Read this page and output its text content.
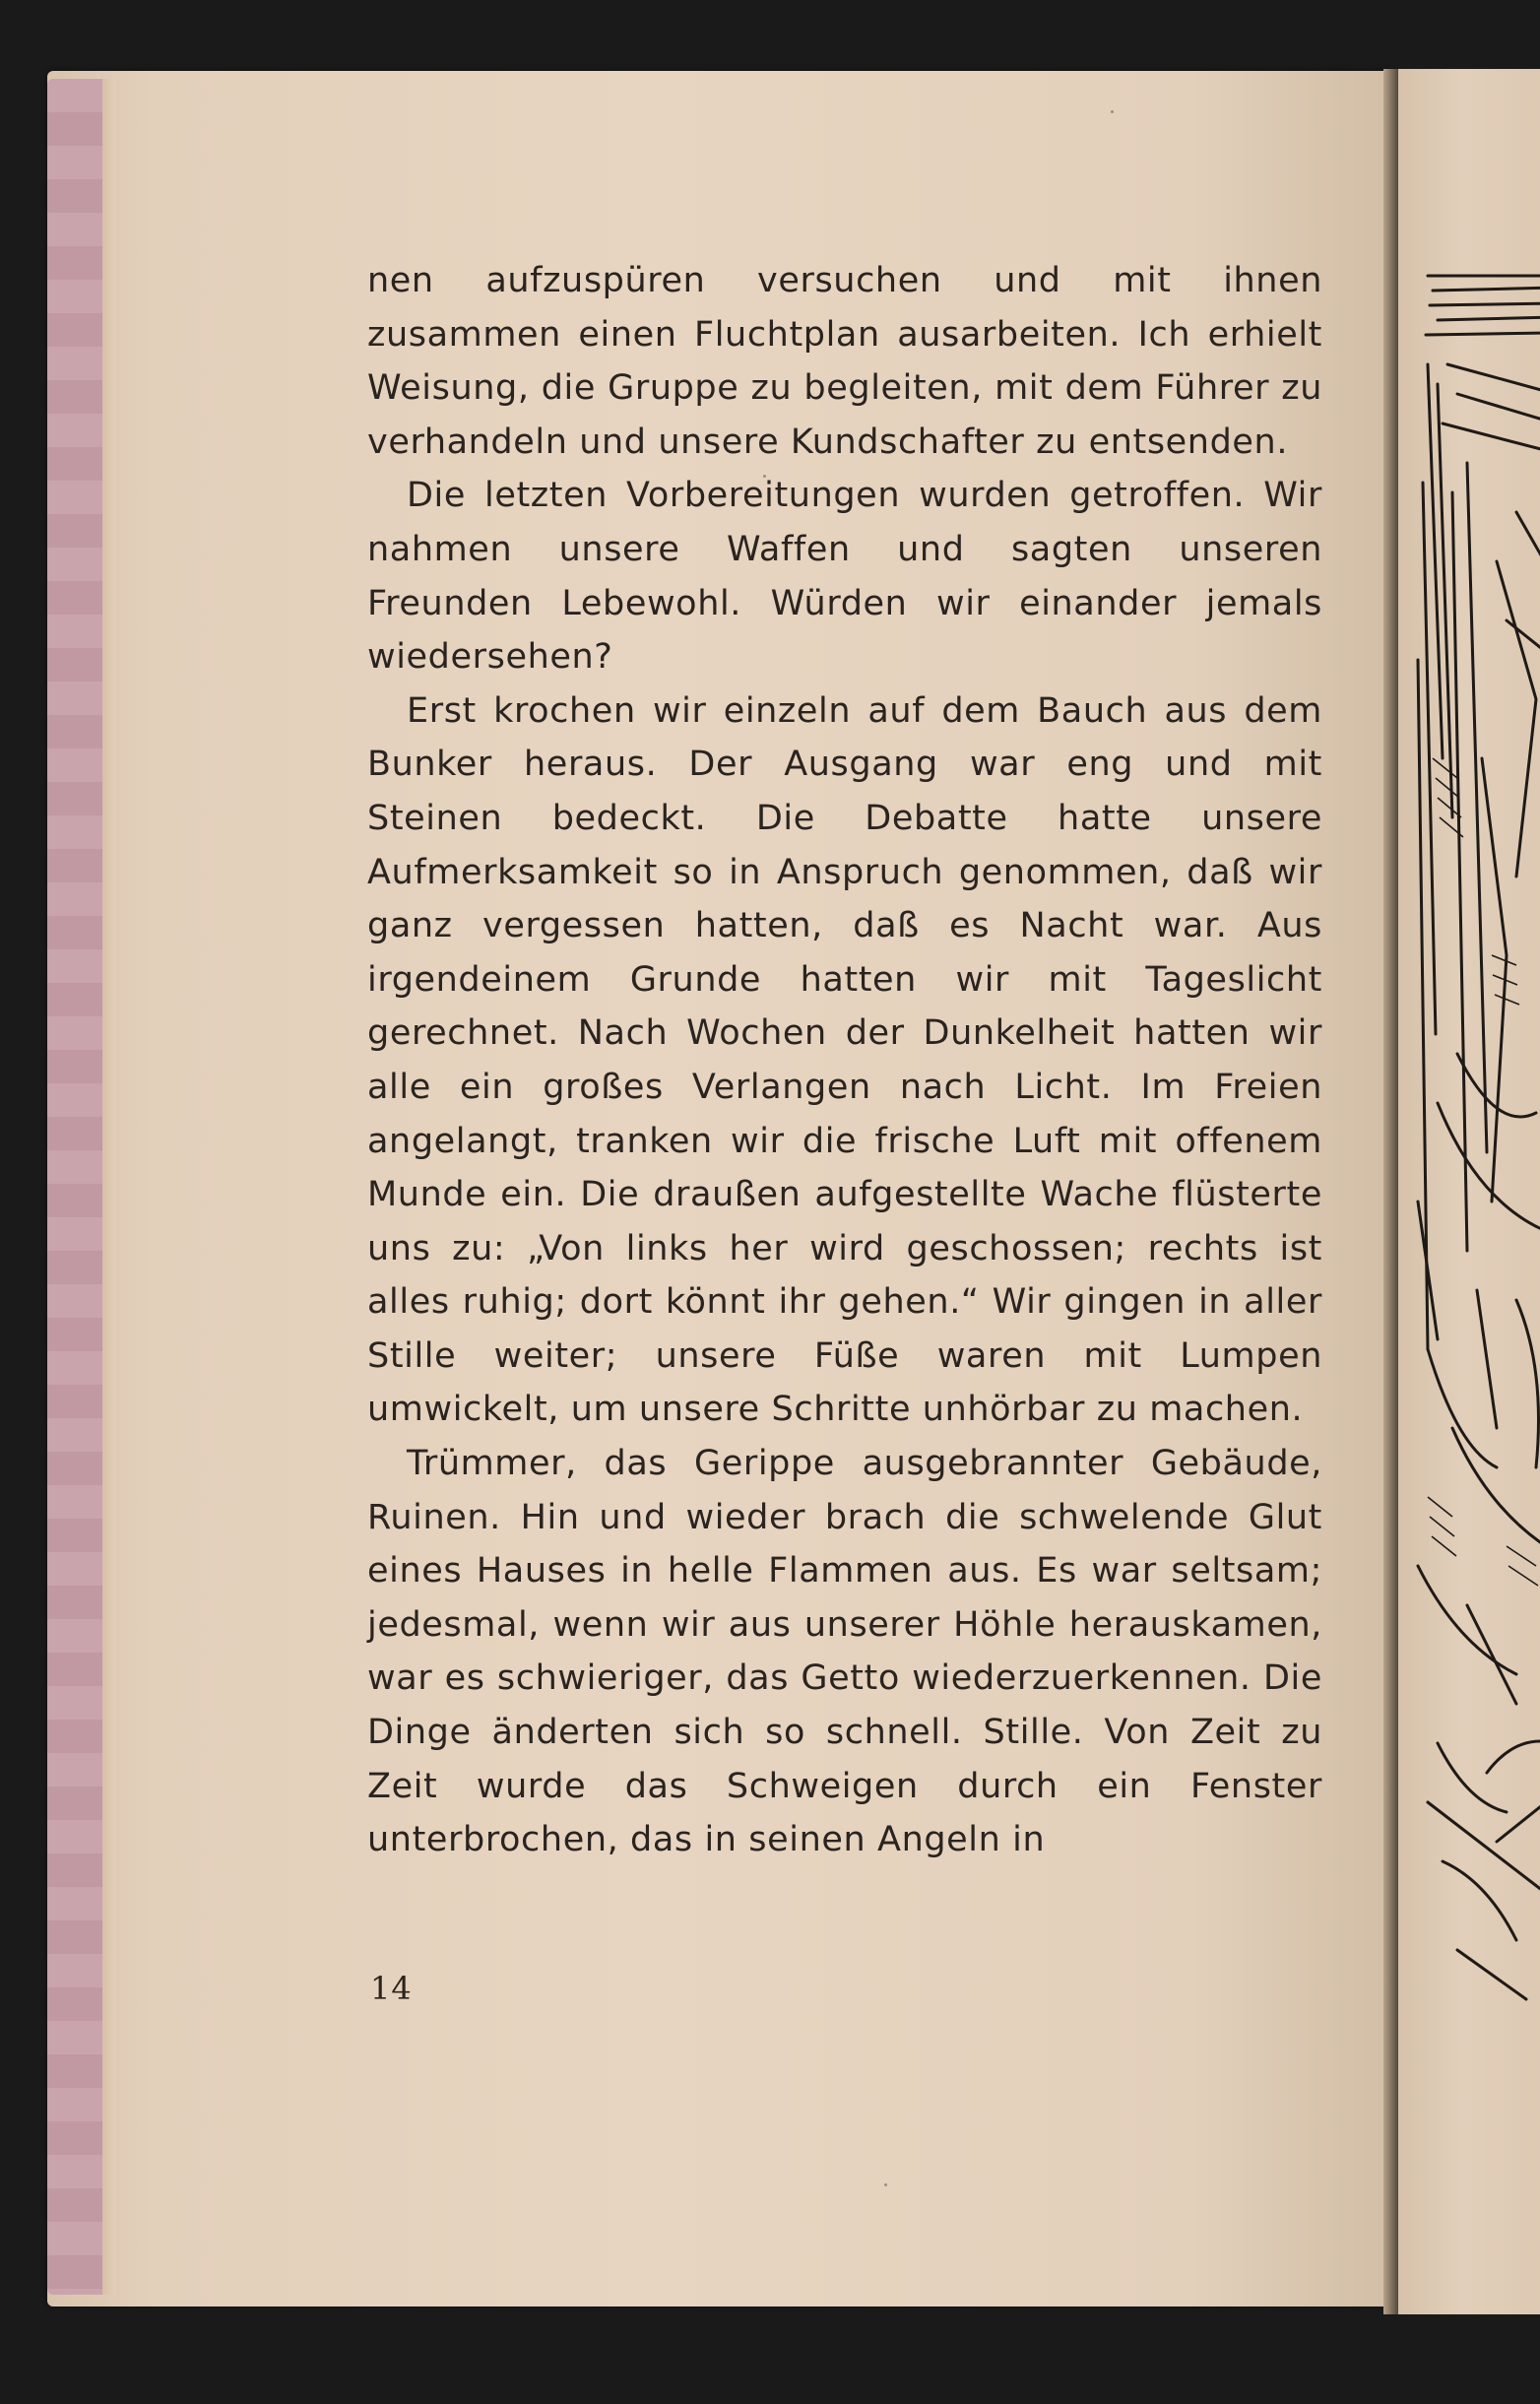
nen aufzuspüren versuchen und mit ihnen zusammen einen Fluchtplan ausarbeiten. Ich erhielt Weisung, die Gruppe zu begleiten, mit dem Führer zu verhandeln und unsere Kundschafter zu entsenden.

Die letzten Vorbereitungen wurden getroffen. Wir nahmen unsere Waffen und sagten unseren Freunden Lebewohl. Würden wir einander jemals wiedersehen?

Erst krochen wir einzeln auf dem Bauch aus dem Bunker heraus. Der Ausgang war eng und mit Steinen bedeckt. Die Debatte hatte unsere Aufmerksamkeit so in Anspruch genommen, daß wir ganz vergessen hatten, daß es Nacht war. Aus irgendeinem Grunde hatten wir mit Tageslicht gerechnet. Nach Wochen der Dunkelheit hatten wir alle ein großes Verlangen nach Licht. Im Freien angelangt, tranken wir die frische Luft mit offenem Munde ein. Die draußen aufgestellte Wache flüsterte uns zu: „Von links her wird geschossen; rechts ist alles ruhig; dort könnt ihr gehen.“ Wir gingen in aller Stille weiter; unsere Füße waren mit Lumpen umwickelt, um unsere Schritte unhörbar zu machen.

Trümmer, das Gerippe ausgebrannter Gebäude, Ruinen. Hin und wieder brach die schwelende Glut eines Hauses in helle Flammen aus. Es war seltsam; jedesmal, wenn wir aus unserer Höhle herauskamen, war es schwieriger, das Getto wiederzuerkennen. Die Dinge änderten sich so schnell. Stille. Von Zeit zu Zeit wurde das Schweigen durch ein Fenster unterbrochen, das in seinen Angeln in

14
